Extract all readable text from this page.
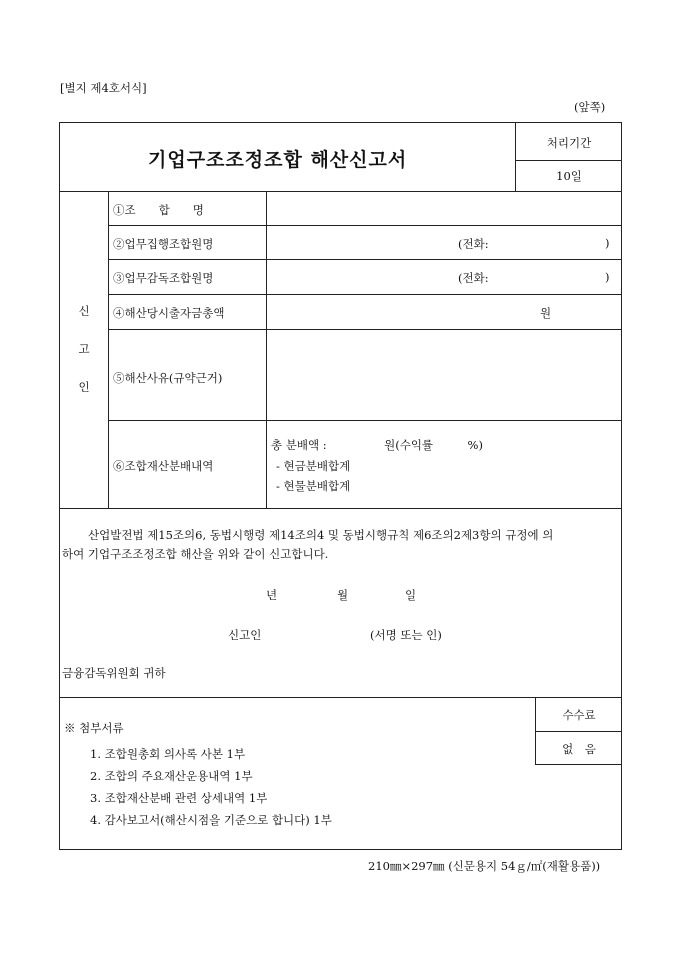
[별지 제4호서식]
(앞쪽)
기업구조조정조합 해산신고서
처리기간
10일
신
고
인
①조　　합　　명
②업무집행조합원명	(전화:	)
③업무감독조합원명	(전화:	)
④해산당시출자금총액	원
⑤해산사유(규약근거)
⑥조합재산분배내역
총 분배액 :　　　　　원(수익률　　　%)
- 현금분배합계
- 현물분배합계
산업발전법 제15조의6, 동법시행령 제14조의4 및 동법시행규칙 제6조의2제3항의 규정에 의
하여 기업구조조정조합 해산을 위와 같이 신고합니다.
년	월	일
신고인	(서명 또는 인)
금융감독위원회 귀하
수수료
없　음
※ 첨부서류
1. 조합원총회 의사록 사본 1부
2. 조합의 주요재산운용내역 1부
3. 조합재산분배 관련 상세내역 1부
4. 감사보고서(해산시점을 기준으로 합니다) 1부
210㎜×297㎜ (신문용지 54ｇ/㎡(재활용품))
